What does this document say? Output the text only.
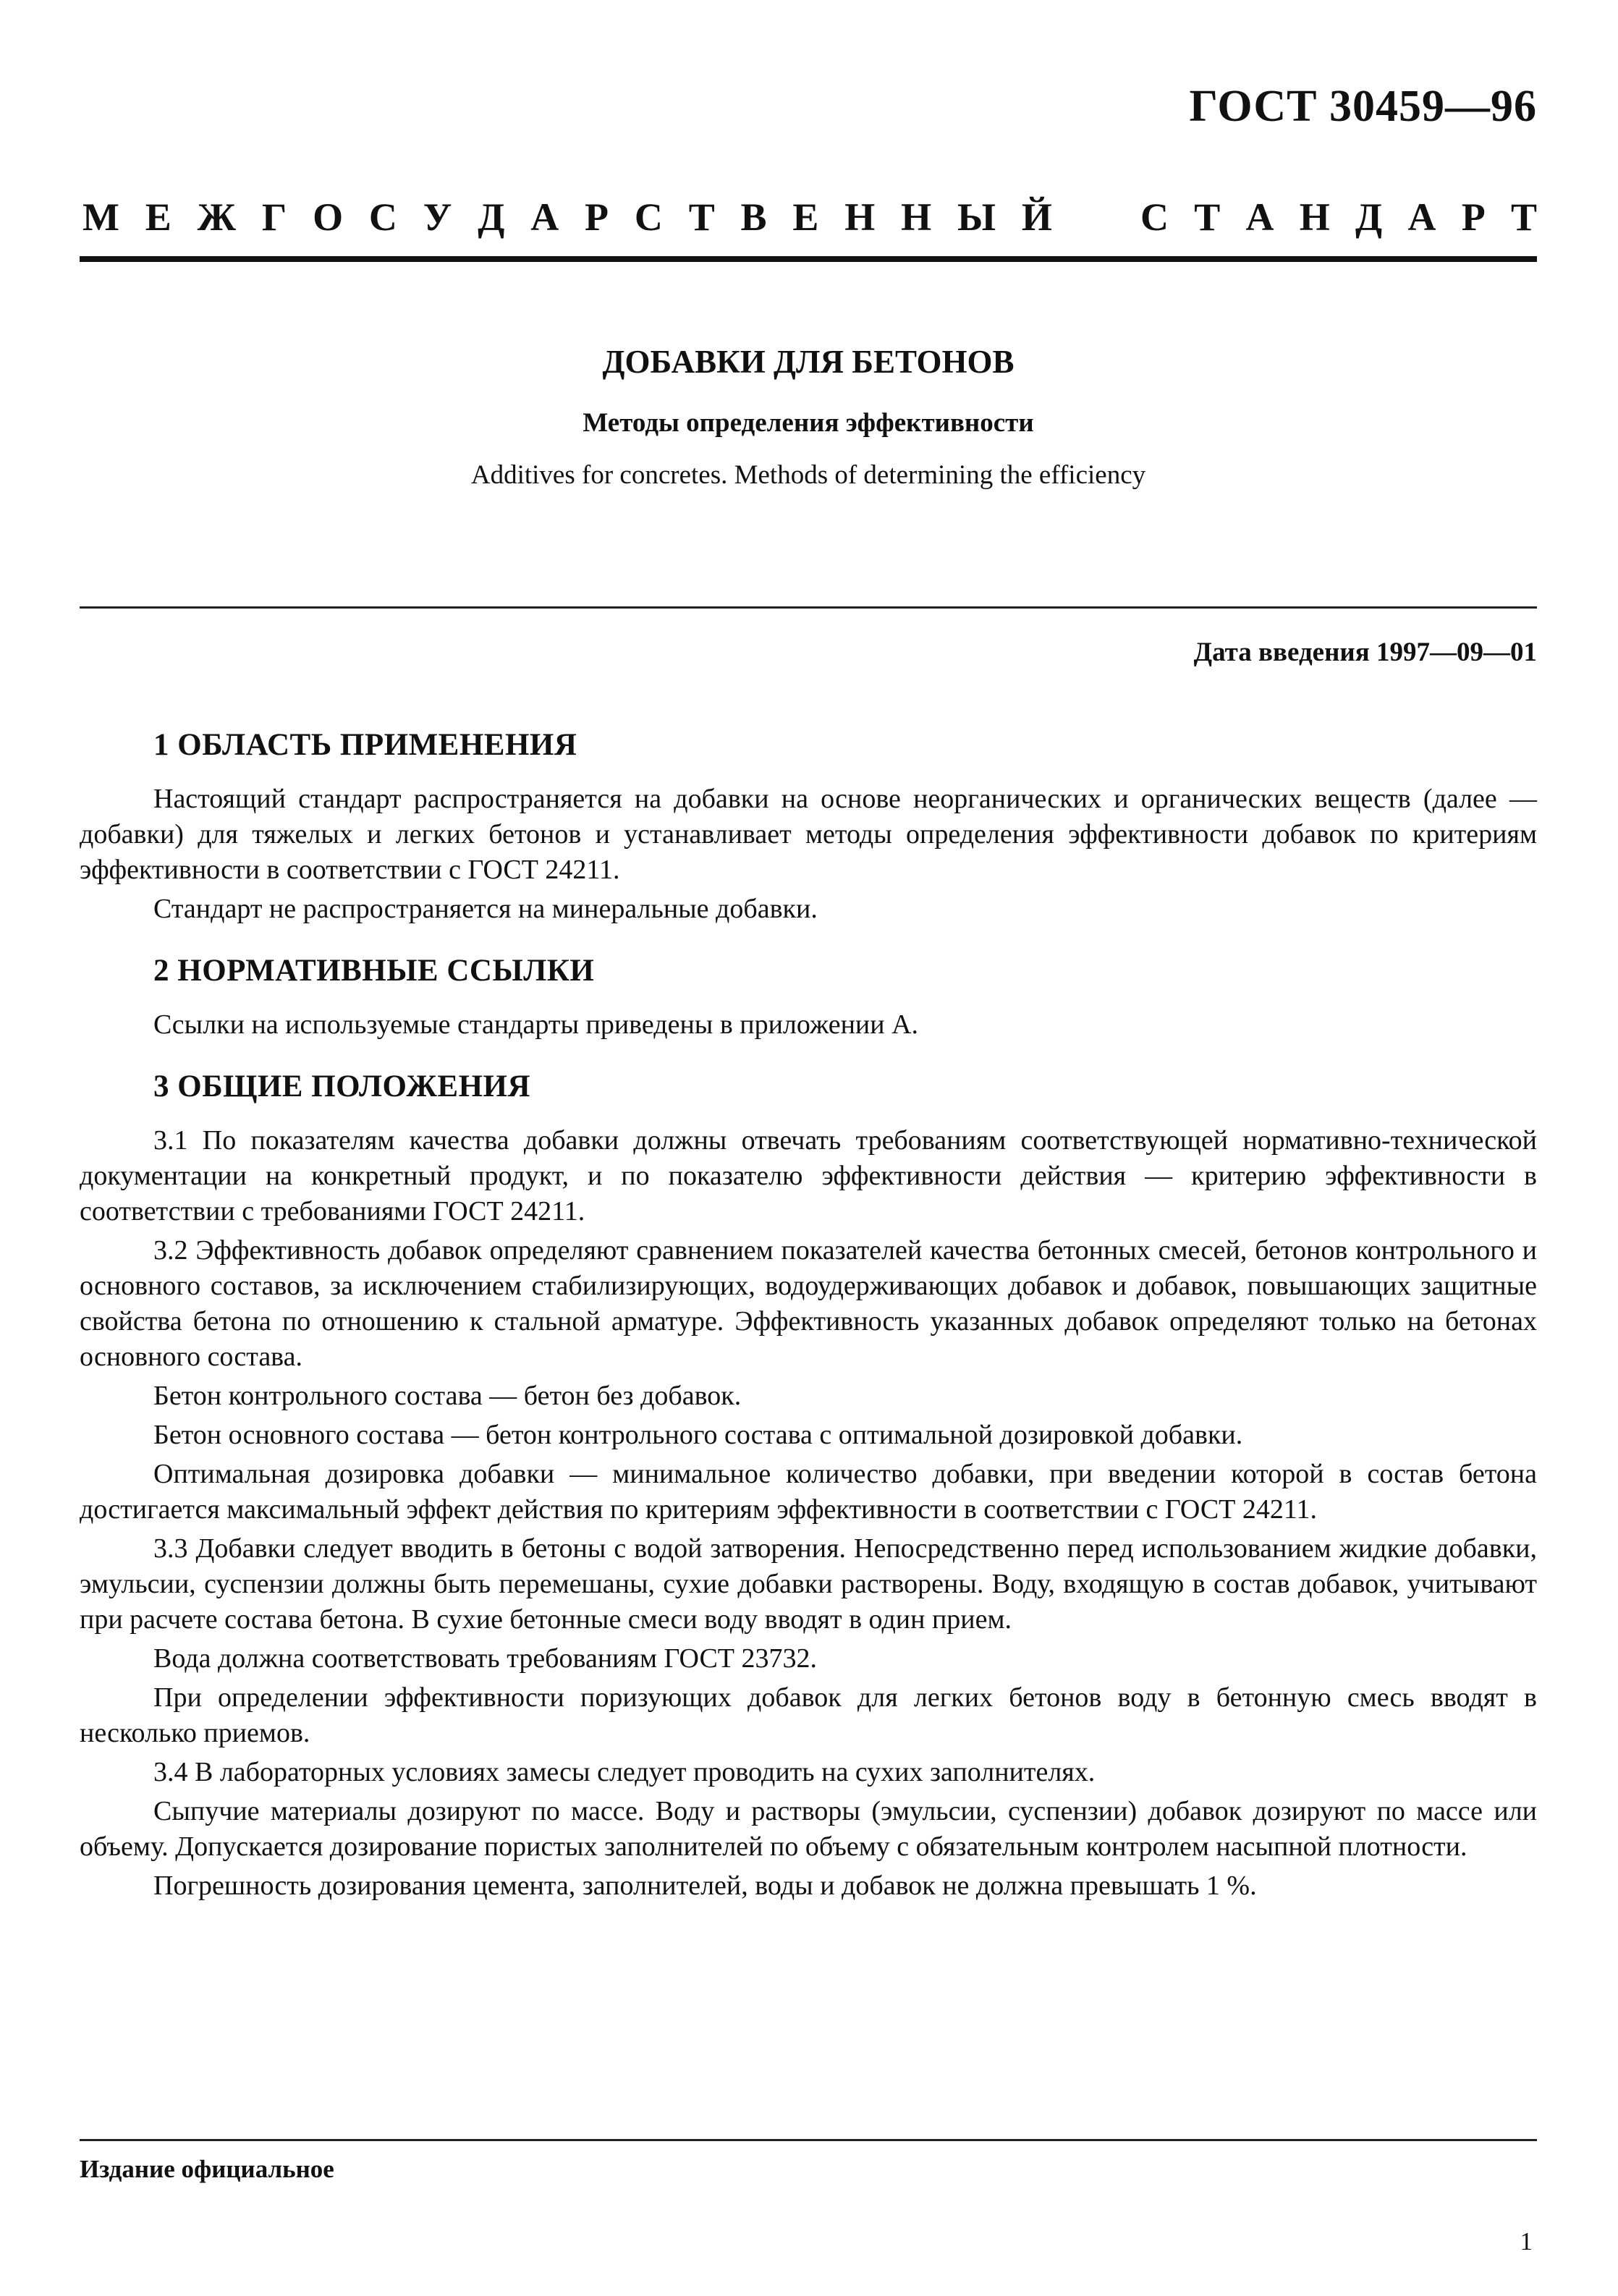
ГОСТ 30459—96
М Е Ж Г О С У Д А Р С Т В Е Н Н Ы Й С Т А Н Д А Р Т
ДОБАВКИ ДЛЯ БЕТОНОВ
Методы определения эффективности
Additives for concretes. Methods of determining the efficiency
Дата введения 1997—09—01
1 ОБЛАСТЬ ПРИМЕНЕНИЯ

Настоящий стандарт распространяется на добавки на основе неорганических и органических веществ (далее — добавки) для тяжелых и легких бетонов и устанавливает методы определения эффективности добавок по критериям эффективности в соответствии с ГОСТ 24211.

Стандарт не распространяется на минеральные добавки.

2 НОРМАТИВНЫЕ ССЫЛКИ

Ссылки на используемые стандарты приведены в приложении А.

3 ОБЩИЕ ПОЛОЖЕНИЯ

3.1 По показателям качества добавки должны отвечать требованиям соответствующей нормативно-технической документации на конкретный продукт, и по показателю эффективности действия — критерию эффективности в соответствии с требованиями ГОСТ 24211.

3.2 Эффективность добавок определяют сравнением показателей качества бетонных смесей, бетонов контрольного и основного составов, за исключением стабилизирующих, водоудерживающих добавок и добавок, повышающих защитные свойства бетона по отношению к стальной арматуре. Эффективность указанных добавок определяют только на бетонах основного состава.

Бетон контрольного состава — бетон без добавок.

Бетон основного состава — бетон контрольного состава с оптимальной дозировкой добавки.

Оптимальная дозировка добавки — минимальное количество добавки, при введении которой в состав бетона достигается максимальный эффект действия по критериям эффективности в соответствии с ГОСТ 24211.

3.3 Добавки следует вводить в бетоны с водой затворения. Непосредственно перед использованием жидкие добавки, эмульсии, суспензии должны быть перемешаны, сухие добавки растворены. Воду, входящую в состав добавок, учитывают при расчете состава бетона. В сухие бетонные смеси воду вводят в один прием.

Вода должна соответствовать требованиям ГОСТ 23732.

При определении эффективности поризующих добавок для легких бетонов воду в бетонную смесь вводят в несколько приемов.

3.4 В лабораторных условиях замесы следует проводить на сухих заполнителях.

Сыпучие материалы дозируют по массе. Воду и растворы (эмульсии, суспензии) добавок дозируют по массе или объему. Допускается дозирование пористых заполнителей по объему с обязательным контролем насыпной плотности.

Погрешность дозирования цемента, заполнителей, воды и добавок не должна превышать 1 %.

Издание официальное
1
